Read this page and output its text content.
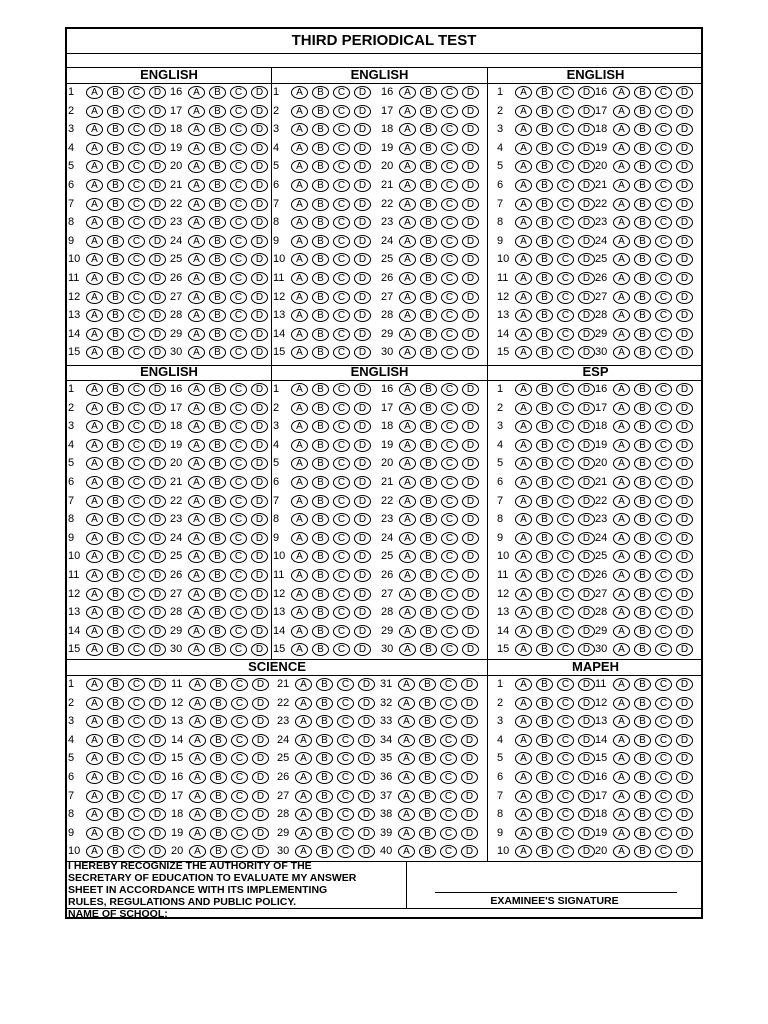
THIRD PERIODICAL TEST
ENGLISH	ENGLISH	ENGLISH
ENGLISH	ENGLISH	ESP
SCIENCE	MAPEH
1	A	B	C	D
2	A	B	C	D
3	A	B	C	D
4	A	B	C	D
5	A	B	C	D
6	A	B	C	D
7	A	B	C	D
8	A	B	C	D
9	A	B	C	D
10	A	B	C	D
11	A	B	C	D
12	A	B	C	D
13	A	B	C	D
14	A	B	C	D
15	A	B	C	D
16	A	B	C	D
17	A	B	C	D
18	A	B	C	D
19	A	B	C	D
20	A	B	C	D
21	A	B	C	D
22	A	B	C	D
23	A	B	C	D
24	A	B	C	D
25	A	B	C	D
26	A	B	C	D
27	A	B	C	D
28	A	B	C	D
29	A	B	C	D
30	A	B	C	D
1	A	B	C	D
2	A	B	C	D
3	A	B	C	D
4	A	B	C	D
5	A	B	C	D
6	A	B	C	D
7	A	B	C	D
8	A	B	C	D
9	A	B	C	D
10	A	B	C	D
11	A	B	C	D
12	A	B	C	D
13	A	B	C	D
14	A	B	C	D
15	A	B	C	D
16	A	B	C	D
17	A	B	C	D
18	A	B	C	D
19	A	B	C	D
20	A	B	C	D
21	A	B	C	D
22	A	B	C	D
23	A	B	C	D
24	A	B	C	D
25	A	B	C	D
26	A	B	C	D
27	A	B	C	D
28	A	B	C	D
29	A	B	C	D
30	A	B	C	D
1	A	B	C	D
2	A	B	C	D
3	A	B	C	D
4	A	B	C	D
5	A	B	C	D
6	A	B	C	D
7	A	B	C	D
8	A	B	C	D
9	A	B	C	D
10	A	B	C	D
11	A	B	C	D
12	A	B	C	D
13	A	B	C	D
14	A	B	C	D
15	A	B	C	D
16	A	B	C	D
17	A	B	C	D
18	A	B	C	D
19	A	B	C	D
20	A	B	C	D
21	A	B	C	D
22	A	B	C	D
23	A	B	C	D
24	A	B	C	D
25	A	B	C	D
26	A	B	C	D
27	A	B	C	D
28	A	B	C	D
29	A	B	C	D
30	A	B	C	D
1	A	B	C	D
2	A	B	C	D
3	A	B	C	D
4	A	B	C	D
5	A	B	C	D
6	A	B	C	D
7	A	B	C	D
8	A	B	C	D
9	A	B	C	D
10	A	B	C	D
11	A	B	C	D
12	A	B	C	D
13	A	B	C	D
14	A	B	C	D
15	A	B	C	D
16	A	B	C	D
17	A	B	C	D
18	A	B	C	D
19	A	B	C	D
20	A	B	C	D
21	A	B	C	D
22	A	B	C	D
23	A	B	C	D
24	A	B	C	D
25	A	B	C	D
26	A	B	C	D
27	A	B	C	D
28	A	B	C	D
29	A	B	C	D
30	A	B	C	D
1	A	B	C	D
2	A	B	C	D
3	A	B	C	D
4	A	B	C	D
5	A	B	C	D
6	A	B	C	D
7	A	B	C	D
8	A	B	C	D
9	A	B	C	D
10	A	B	C	D
11	A	B	C	D
12	A	B	C	D
13	A	B	C	D
14	A	B	C	D
15	A	B	C	D
16	A	B	C	D
17	A	B	C	D
18	A	B	C	D
19	A	B	C	D
20	A	B	C	D
21	A	B	C	D
22	A	B	C	D
23	A	B	C	D
24	A	B	C	D
25	A	B	C	D
26	A	B	C	D
27	A	B	C	D
28	A	B	C	D
29	A	B	C	D
30	A	B	C	D
1	A	B	C	D
2	A	B	C	D
3	A	B	C	D
4	A	B	C	D
5	A	B	C	D
6	A	B	C	D
7	A	B	C	D
8	A	B	C	D
9	A	B	C	D
10	A	B	C	D
11	A	B	C	D
12	A	B	C	D
13	A	B	C	D
14	A	B	C	D
15	A	B	C	D
16	A	B	C	D
17	A	B	C	D
18	A	B	C	D
19	A	B	C	D
20	A	B	C	D
21	A	B	C	D
22	A	B	C	D
23	A	B	C	D
24	A	B	C	D
25	A	B	C	D
26	A	B	C	D
27	A	B	C	D
28	A	B	C	D
29	A	B	C	D
30	A	B	C	D
1	A	B	C	D
2	A	B	C	D
3	A	B	C	D
4	A	B	C	D
5	A	B	C	D
6	A	B	C	D
7	A	B	C	D
8	A	B	C	D
9	A	B	C	D
10	A	B	C	D
11	A	B	C	D
12	A	B	C	D
13	A	B	C	D
14	A	B	C	D
15	A	B	C	D
16	A	B	C	D
17	A	B	C	D
18	A	B	C	D
19	A	B	C	D
20	A	B	C	D
21	A	B	C	D
22	A	B	C	D
23	A	B	C	D
24	A	B	C	D
25	A	B	C	D
26	A	B	C	D
27	A	B	C	D
28	A	B	C	D
29	A	B	C	D
30	A	B	C	D
31	A	B	C	D
32	A	B	C	D
33	A	B	C	D
34	A	B	C	D
35	A	B	C	D
36	A	B	C	D
37	A	B	C	D
38	A	B	C	D
39	A	B	C	D
40	A	B	C	D
1	A	B	C	D
2	A	B	C	D
3	A	B	C	D
4	A	B	C	D
5	A	B	C	D
6	A	B	C	D
7	A	B	C	D
8	A	B	C	D
9	A	B	C	D
10	A	B	C	D
11	A	B	C	D
12	A	B	C	D
13	A	B	C	D
14	A	B	C	D
15	A	B	C	D
16	A	B	C	D
17	A	B	C	D
18	A	B	C	D
19	A	B	C	D
20	A	B	C	D
I HEREBY RECOGNIZE THE AUTHORITY OF THE
SECRETARY OF EDUCATION TO EVALUATE MY ANSWER
SHEET IN ACCORDANCE WITH ITS IMPLEMENTING
RULES, REGULATIONS AND PUBLIC POLICY.	EXAMINEE'S SIGNATURE
NAME OF SCHOOL:
